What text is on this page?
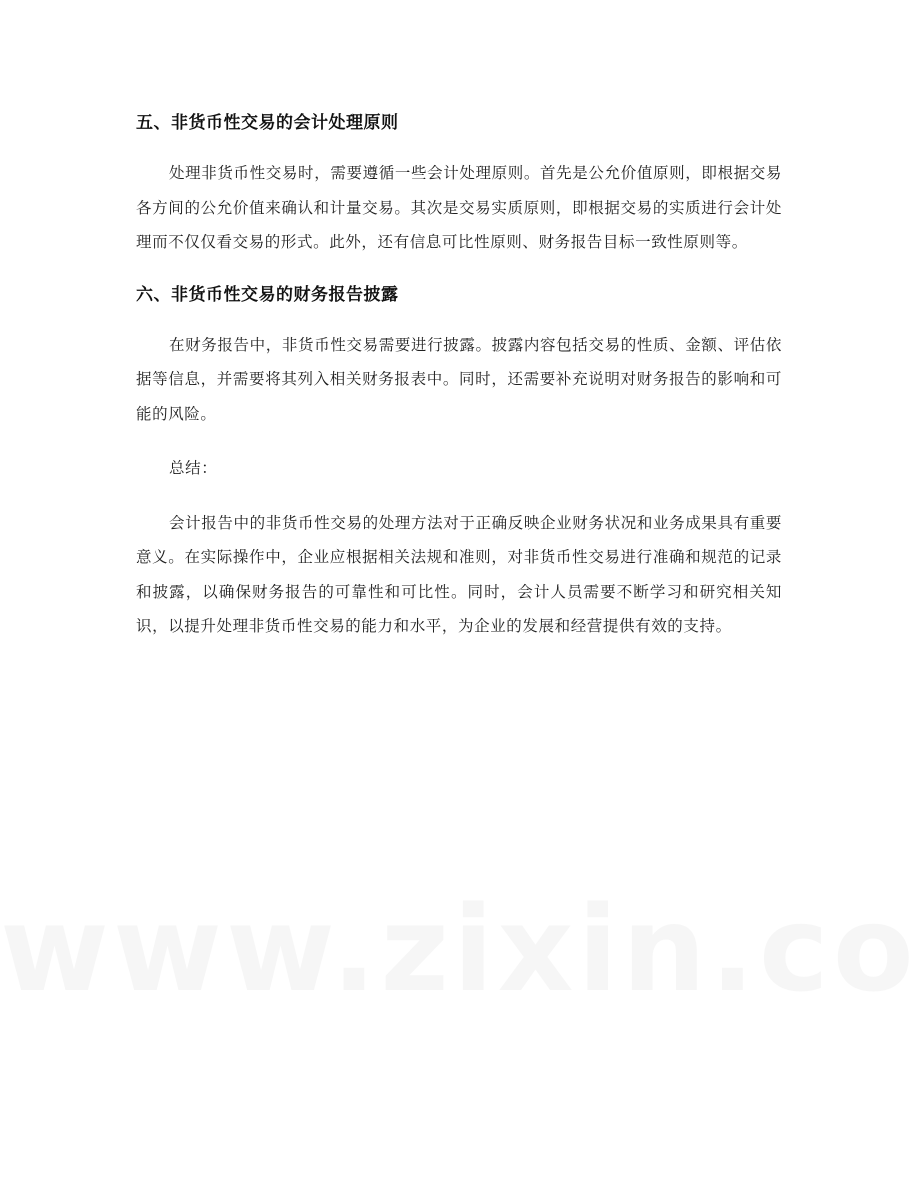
五、非货币性交易的会计处理原则

处理非货币性交易时，需要遵循一些会计处理原则。首先是公允价值原则，即根据交易各方间的公允价值来确认和计量交易。其次是交易实质原则，即根据交易的实质进行会计处理而不仅仅看交易的形式。此外，还有信息可比性原则、财务报告目标一致性原则等。

六、非货币性交易的财务报告披露

在财务报告中，非货币性交易需要进行披露。披露内容包括交易的性质、金额、评估依据等信息，并需要将其列入相关财务报表中。同时，还需要补充说明对财务报告的影响和可能的风险。

总结：

会计报告中的非货币性交易的处理方法对于正确反映企业财务状况和业务成果具有重要意义。在实际操作中，企业应根据相关法规和准则，对非货币性交易进行准确和规范的记录和披露，以确保财务报告的可靠性和可比性。同时，会计人员需要不断学习和研究相关知识，以提升处理非货币性交易的能力和水平，为企业的发展和经营提供有效的支持。
